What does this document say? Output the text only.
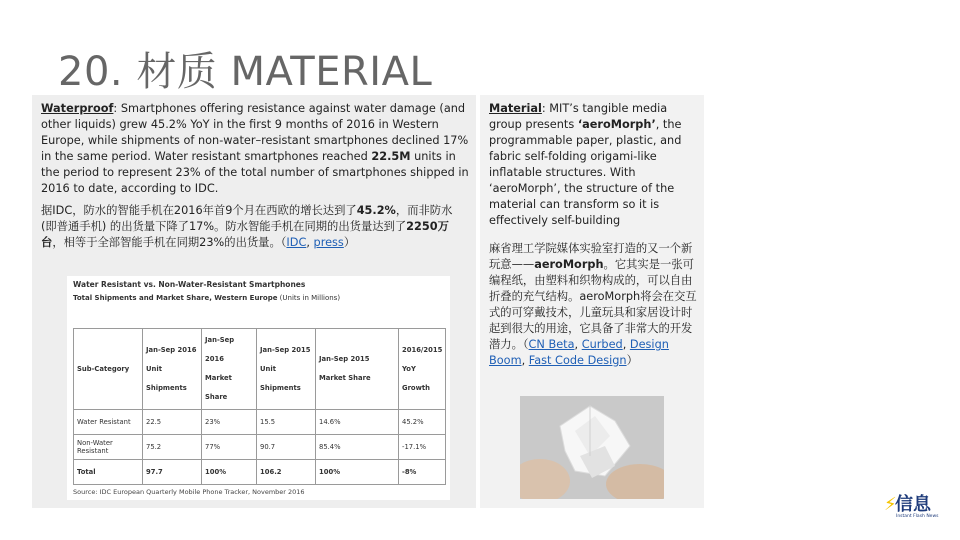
20. 材质 MATERIAL
Waterproof: Smartphones offering resistance against water damage (and other liquids) grew 45.2% YoY in the first 9 months of 2016 in Western Europe, while shipments of non-water–resistant smartphones declined 17% in the same period. Water resistant smartphones reached 22.5M units in the period to represent 23% of the total number of smartphones shipped in 2016 to date, according to IDC.
据IDC，防水的智能手机在2016年首9个月在西欧的增长达到了45.2%，而非防水 (即普通手机) 的出货量下降了17%。防水智能手机在同期的出货量达到了2250万台，相等于全部智能手机在同期23%的出货量。（IDC, press）
Water Resistant vs. Non-Water-Resistant Smartphones
Total Shipments and Market Share, Western Europe (Units in Millions)
Sub-Category	Jan-Sep 2016 Unit Shipments	Jan-Sep 2016 Market Share	Jan-Sep 2015 Unit Shipments	Jan-Sep 2015 Market Share	2016/2015 YoY Growth
Water Resistant	22.5	23%	15.5	14.6%	45.2%
Non-Water Resistant	75.2	77%	90.7	85.4%	-17.1%
Total	97.7	100%	106.2	100%	-8%
Source: IDC European Quarterly Mobile Phone Tracker, November 2016
Material: MIT’s tangible media group presents ‘aeroMorph’, the programmable paper, plastic, and fabric self-folding origami-like inflatable structures. With ‘aeroMorph’, the structure of the material can transform so it is effectively self-building
麻省理工学院媒体实验室打造的又一个新玩意——aeroMorph。它其实是一张可编程纸，由塑料和织物构成的，可以自由折叠的充气结构。aeroMorph将会在交互式的可穿戴技术，儿童玩具和家居设计时起到很大的用途，它具备了非常大的开发潜力。（CN Beta, Curbed, Design Boom, Fast Code Design）
⚡
信息
Instant Flash News
